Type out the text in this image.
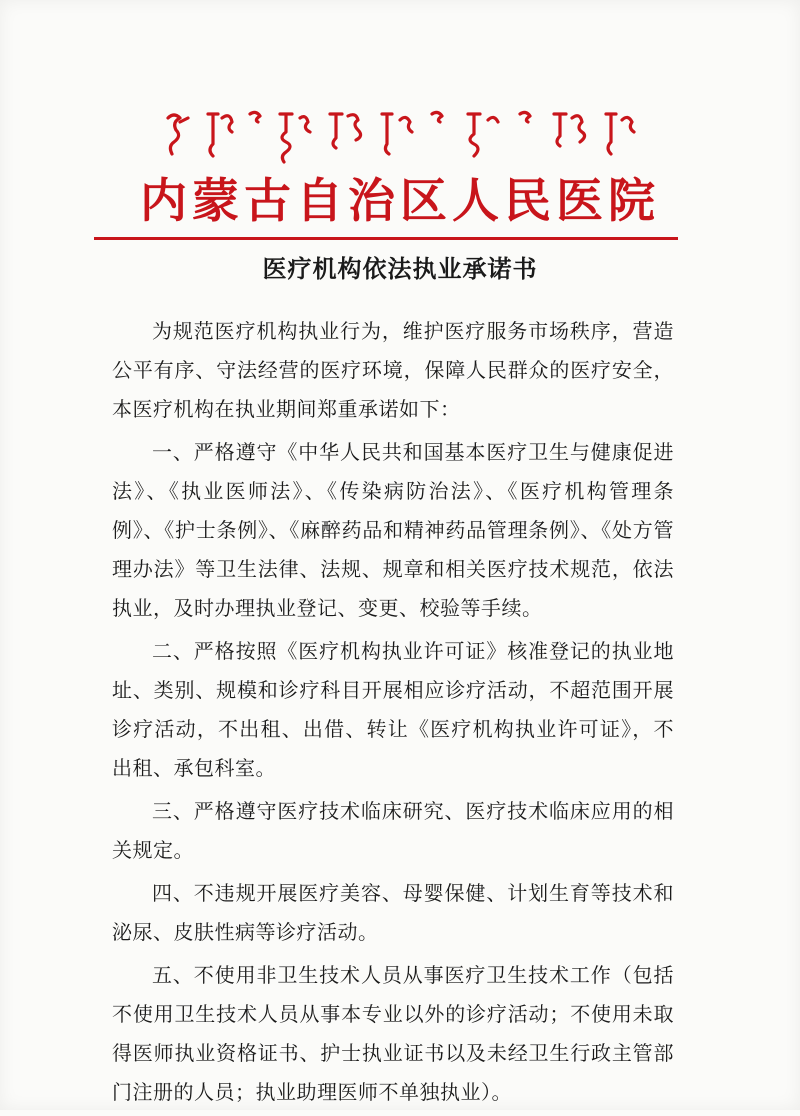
ᠥᠪᠥᠷ ᠮᠣᠩᠭᠣᠯ ᠤᠨ ᠠᠷᠠᠳ ᠤᠨ ᠡᠮᠨᠡᠯᠭᠡ
内蒙古自治区人民医院
医疗机构依法执业承诺书

为规范医疗机构执业行为，维护医疗服务市场秩序，营造公平有序、守法经营的医疗环境，保障人民群众的医疗安全，本医疗机构在执业期间郑重承诺如下：

一、严格遵守《中华人民共和国基本医疗卫生与健康促进法》、《执业医师法》、《传染病防治法》、《医疗机构管理条例》、《护士条例》、《麻醉药品和精神药品管理条例》、《处方管理办法》等卫生法律、法规、规章和相关医疗技术规范，依法执业，及时办理执业登记、变更、校验等手续。

二、严格按照《医疗机构执业许可证》核准登记的执业地址、类别、规模和诊疗科目开展相应诊疗活动，不超范围开展诊疗活动，不出租、出借、转让《医疗机构执业许可证》，不出租、承包科室。

三、严格遵守医疗技术临床研究、医疗技术临床应用的相关规定。

四、不违规开展医疗美容、母婴保健、计划生育等技术和泌尿、皮肤性病等诊疗活动。

五、不使用非卫生技术人员从事医疗卫生技术工作（包括不使用卫生技术人员从事本专业以外的诊疗活动；不使用未取得医师执业资格证书、护士执业证书以及未经卫生行政主管部门注册的人员；执业助理医师不单独执业）。
